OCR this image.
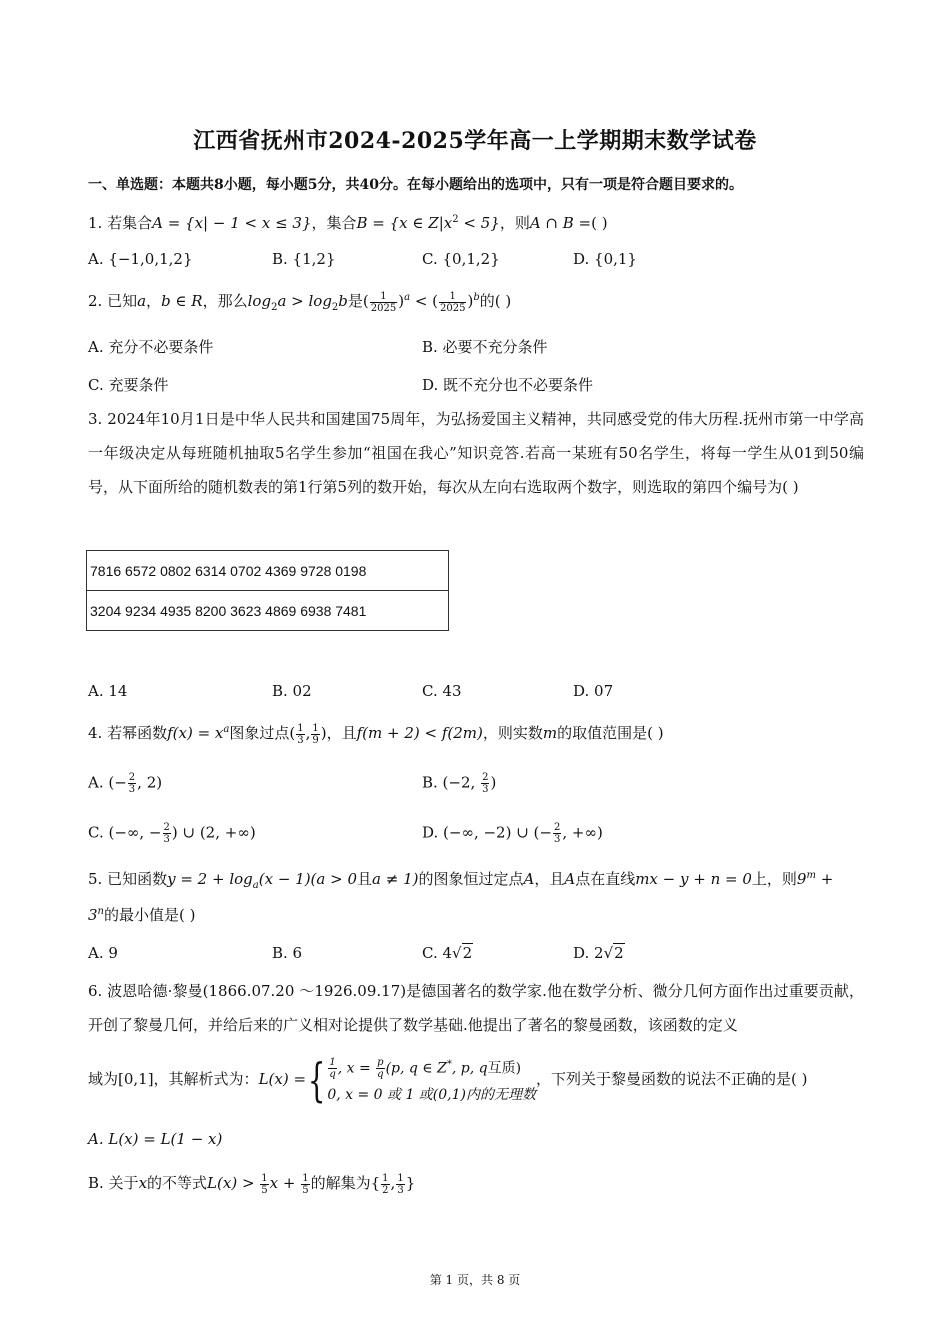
江西省抚州市2024-2025学年高一上学期期末数学试卷
一、单选题：本题共8小题，每小题5分，共40分。在每小题给出的选项中，只有一项是符合题目要求的。
1. 若集合A = {x| − 1 < x ≤ 3}，集合B = {x ∈ $Z|x^2 < 5$}，则A ∩ B =( )
A. {−1,0,1,2}	B. {1,2}	C. {0,1,2}	D. {0,1}
2. 已知a，b ∈ R，那么$\log_2a > \log_2b$是( $\frac{1}{2025} )^a$ < ( $\frac{1}{2025} )^b$的( )
A. 充分不必要条件	B. 必要不充分条件
C. 充要条件	D. 既不充分也不必要条件
3. 2024年10月1日是中华人民共和国建国75周年，为弘扬爱国主义精神，共同感受党的伟大历程.抚州市第一中学高一年级决定从每班随机抽取5名学生参加“祖国在我心”知识竞答.若高一某班有50名学生，将每一学生从01到50编号，从下面所给的随机数表的第1行第5列的数开始，每次从左向右选取两个数字，则选取的第四个编号为( )
7816 6572 0802 6314 0702 4369 9728 0198
3204 9234 4935 8200 3623 4869 6938 7481
A. 14	B. 02	C. 43	D. 07
4. 若幂函数$f(x) = x^a$图象过点( $\frac{1}{3}$ , $\frac{1}{9}$ )，且f(m + 2) < f(2m)，则实数m的取值范围是( )
A. (− $\frac{2}{3}$ , 2)	B. (−2, $\frac{2}{3}$ )
C. (−∞, − $\frac{2}{3}$ ) ∪ (2, +∞)	D. (−∞, −2) ∪ (− $\frac{2}{3}$ , +∞)
5. 已知函数$y = 2 + \log_a(x - 1)(a > 0$且a ≠ 1)的图象恒过定点A，且A点在直线mx − y + n = 0上，则$9^m$ +
$3^n$的最小值是( )
A. 9	B. 6	C. 4√2	D. 2√2
6. 波恩哈德·黎曼(1866.07.20 ～1926.09.17)是德国著名的数学家.他在数学分析、微分几何方面作出过重要贡献，开创了黎曼几何，并给后来的广义相对论提供了数学基础.他提出了著名的黎曼函数，该函数的定义
域为[0,1]，其解析式为：L(x) ={ $\frac{1}{q}$ , $x = \frac{p}{q} (p$, q ∈ Z*, p, q互质)
0, x = 0 或 1 或(0,1)内的无理数
，下列关于黎曼函数的说法不正确的是( )
A. L(x) = L(1 − x)
B. 关于x的不等式$L(x) > \frac{1}{5}$ $x + \frac{1}{5}$ 的解集为{ $\frac{1}{2}$ , $\frac{1}{3}$ }
第 1 页，共 8 页
